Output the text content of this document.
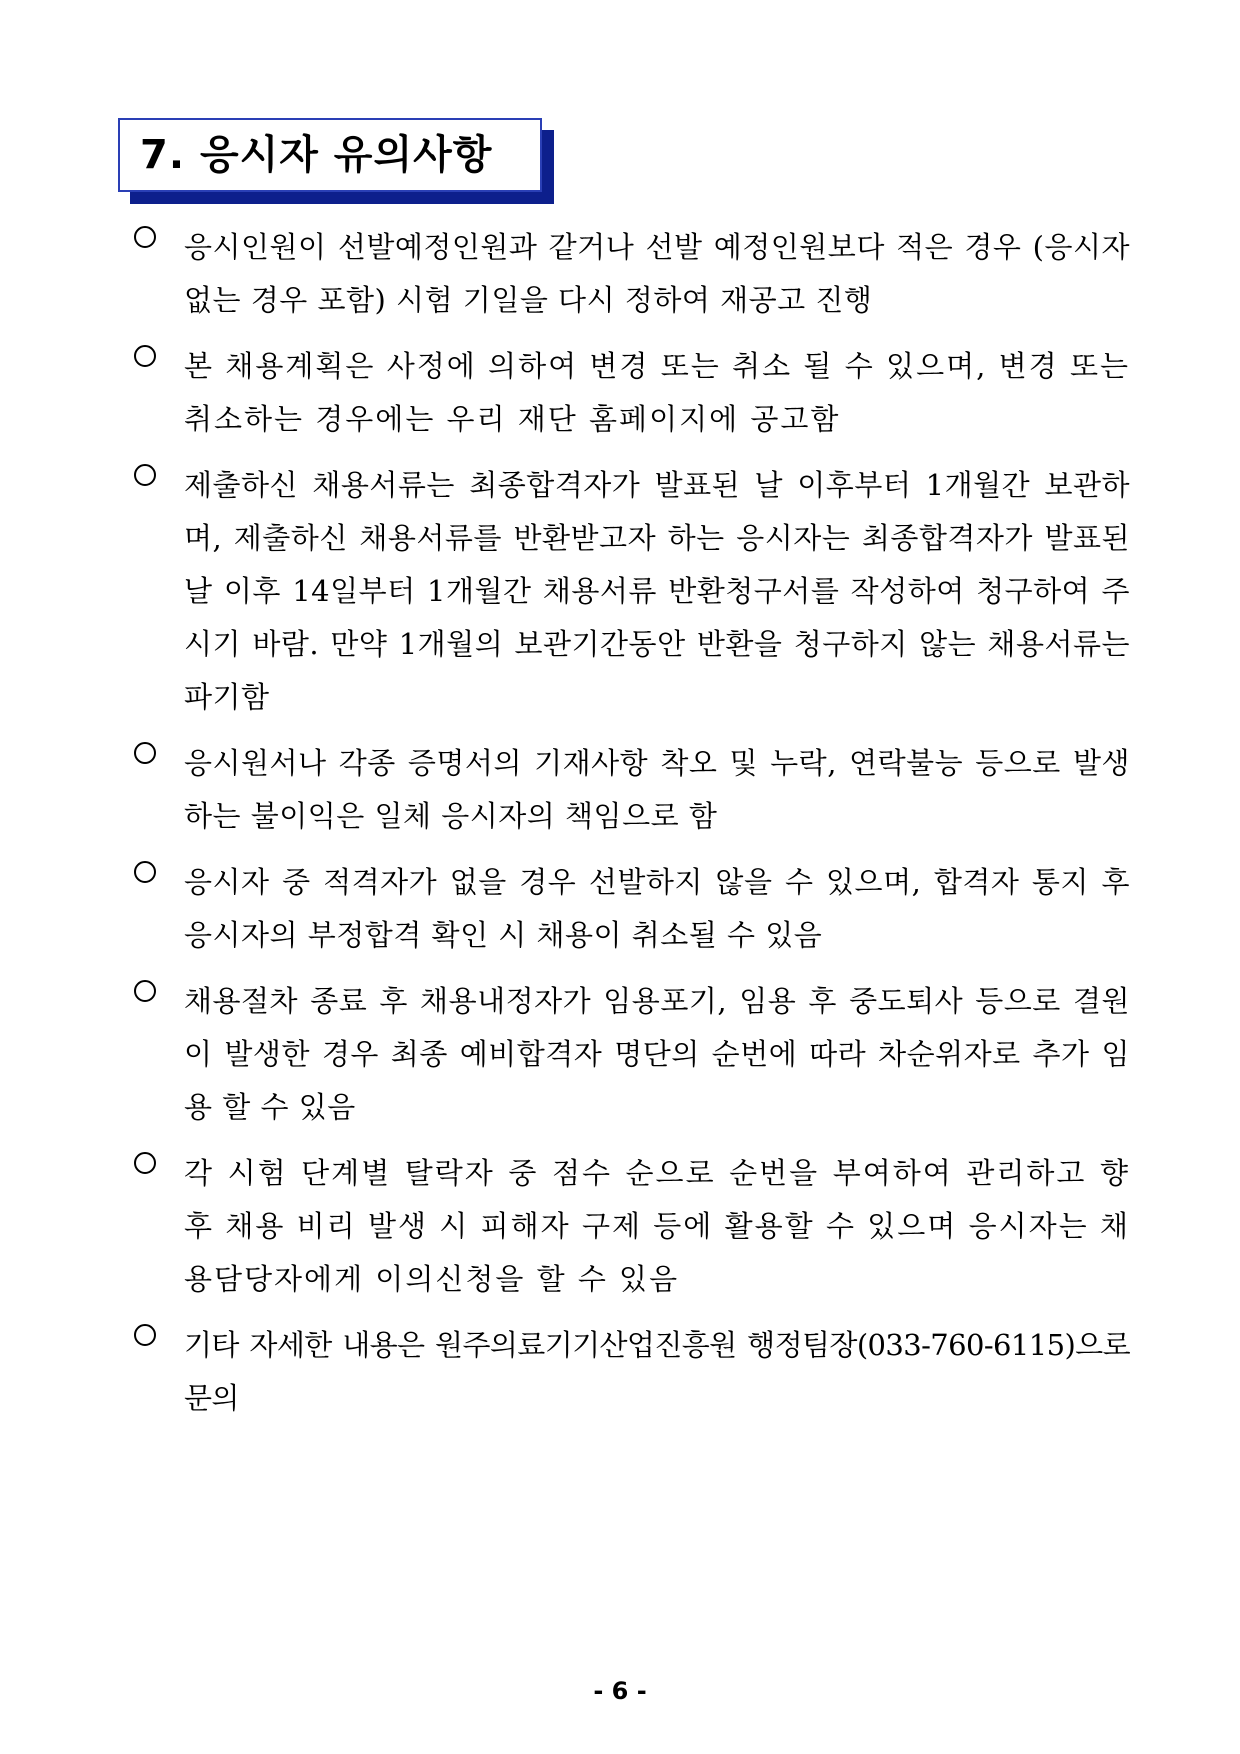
7. 응시자 유의사항
응시인원이 선발예정인원과 같거나 선발 예정인원보다 적은 경우 (응시자 없는 경우 포함) 시험 기일을 다시 정하여 재공고 진행
본 채용계획은 사정에 의하여 변경 또는 취소 될 수 있으며, 변경 또는 취소하는 경우에는 우리 재단 홈페이지에 공고함
제출하신 채용서류는 최종합격자가 발표된 날 이후부터 1개월간 보관하며, 제출하신 채용서류를 반환받고자 하는 응시자는 최종합격자가 발표된 날 이후 14일부터 1개월간 채용서류 반환청구서를 작성하여 청구하여 주시기 바람. 만약 1개월의 보관기간동안 반환을 청구하지 않는 채용서류는 파기함
응시원서나 각종 증명서의 기재사항 착오 및 누락, 연락불능 등으로 발생하는 불이익은 일체 응시자의 책임으로 함
응시자 중 적격자가 없을 경우 선발하지 않을 수 있으며, 합격자 통지 후 응시자의 부정합격 확인 시 채용이 취소될 수 있음
채용절차 종료 후 채용내정자가 임용포기, 임용 후 중도퇴사 등으로 결원이 발생한 경우 최종 예비합격자 명단의 순번에 따라 차순위자로 추가 임용 할 수 있음
각 시험 단계별 탈락자 중 점수 순으로 순번을 부여하여 관리하고 향후 채용 비리 발생 시 피해자 구제 등에 활용할 수 있으며 응시자는 채용담당자에게 이의신청을 할 수 있음
기타 자세한 내용은 원주의료기기산업진흥원 행정팀장(033-760-6115)으로 문의
- 6 -
